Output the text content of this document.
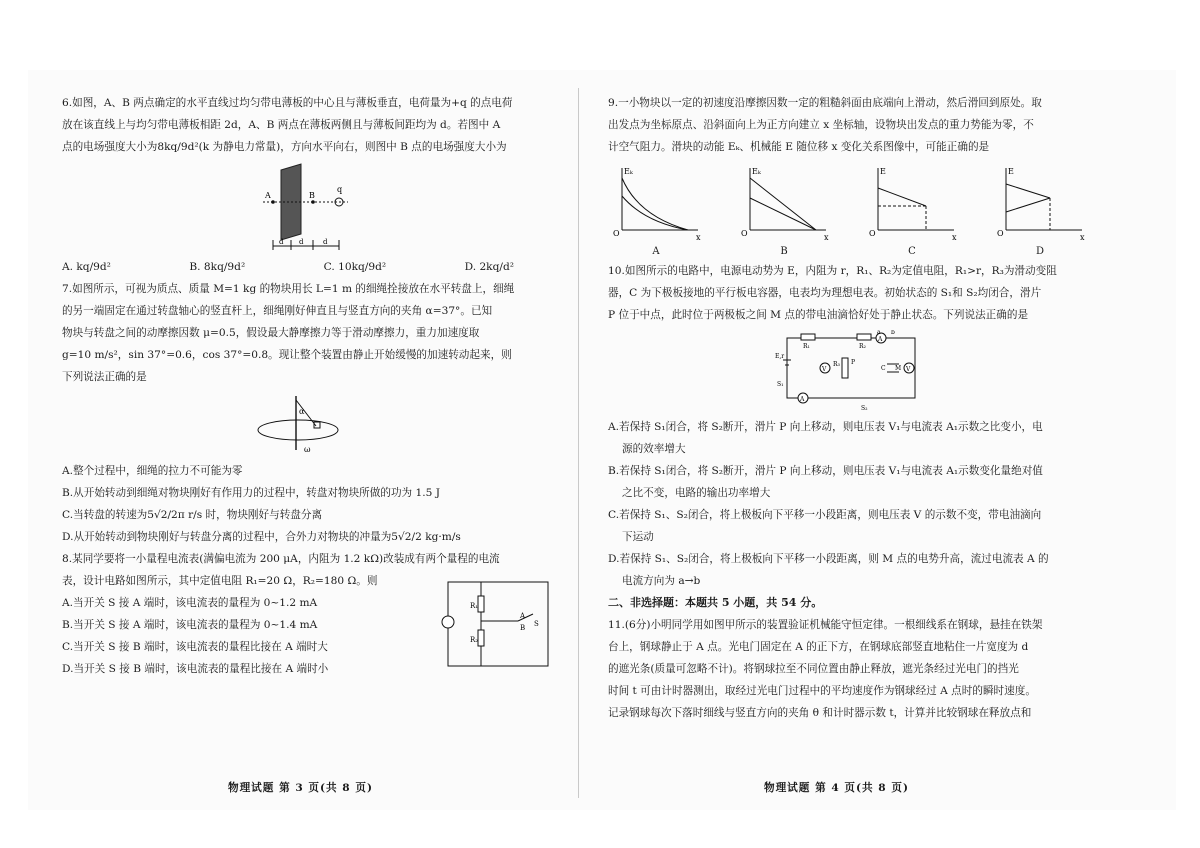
6.如图，A、B 两点确定的水平直线过均匀带电薄板的中心且与薄板垂直，电荷量为+q 的点电荷

放在该直线上与均匀带电薄板相距 2d，A、B 两点在薄板两侧且与薄板间距均为 d。若图中 A

点的电场强度大小为8kq/9d²(k 为静电力常量)，方向水平向右，则图中 B 点的电场强度大小为

A	B
q
d d	d
A. kq/9d²	B. 8kq/9d²	C. 10kq/9d²	D. 2kq/d²

7.如图所示，可视为质点、质量 M=1 kg 的物块用长 L=1 m 的细绳拴接放在水平转盘上，细绳

的另一端固定在通过转盘轴心的竖直杆上，细绳刚好伸直且与竖直方向的夹角 α=37°。已知

物块与转盘之间的动摩擦因数 μ=0.5，假设最大静摩擦力等于滑动摩擦力，重力加速度取

g=10 m/s²，sin 37°=0.6，cos 37°=0.8。现让整个装置由静止开始缓慢的加速转动起来，则

下列说法正确的是

α
ω

A.整个过程中，细绳的拉力不可能为零

B.从开始转动到细绳对物块刚好有作用力的过程中，转盘对物块所做的功为 1.5 J

C.当转盘的转速为5√2/2π r/s 时，物块刚好与转盘分离

D.从开始转动到物块刚好与转盘分离的过程中，合外力对物块的冲量为5√2/2 kg·m/s

8.某同学要将一小量程电流表(满偏电流为 200 μA，内阻为 1.2 kΩ)改装成有两个量程的电流

表，设计电路如图所示，其中定值电阻 R₁=20 Ω，R₂=180 Ω。则

A.当开关 S 接 A 端时，该电流表的量程为 0~1.2 mA

B.当开关 S 接 A 端时，该电流表的量程为 0~1.4 mA

C.当开关 S 接 B 端时，该电流表的量程比接在 A 端时大

D.当开关 S 接 B 端时，该电流表的量程比接在 A 端时小

R₁
R₂
A
B S

9.一小物块以一定的初速度沿摩擦因数一定的粗糙斜面由底端向上滑动，然后滑回到原处。取

出发点为坐标原点、沿斜面向上为正方向建立 x 坐标轴，设物块出发点的重力势能为零，不

计空气阻力。滑块的动能 Eₖ、机械能 E 随位移 x 变化关系图像中，可能正确的是

Eₖ
x
O
A
Eₖ
x
O
B
E
x
O
C
E
x
O
D

10.如图所示的电路中，电源电动势为 E，内阻为 r，R₁、R₂为定值电阻，R₁>r，R₃为滑动变阻

器，C 为下极板接地的平行板电容器，电表均为理想电表。初始状态的 S₁和 S₂均闭合，滑片

P 位于中点，此时位于两极板之间 M 点的带电油滴恰好处于静止状态。下列说法正确的是

V	V
A
A
E,r
R₁	R₂
R₃ P
C M
a b
S₁
S₂

A.若保持 S₁闭合，将 S₂断开，滑片 P 向上移动，则电压表 V₁与电流表 A₁示数之比变小，电

源的效率增大

B.若保持 S₁闭合，将 S₂断开，滑片 P 向上移动，则电压表 V₁与电流表 A₁示数变化量绝对值

之比不变，电路的输出功率增大

C.若保持 S₁、S₂闭合，将上极板向下平移一小段距离，则电压表 V 的示数不变，带电油滴向

下运动

D.若保持 S₁、S₂闭合，将上极板向下平移一小段距离，则 M 点的电势升高，流过电流表 A 的

电流方向为 a→b

二、非选择题：本题共 5 小题，共 54 分。

11.(6分)小明同学用如图甲所示的装置验证机械能守恒定律。一根细线系在钢球，悬挂在铁架

台上，钢球静止于 A 点。光电门固定在 A 的正下方，在钢球底部竖直地粘住一片宽度为 d

的遮光条(质量可忽略不计)。将钢球拉至不同位置由静止释放，遮光条经过光电门的挡光

时间 t 可由计时器测出，取经过光电门过程中的平均速度作为钢球经过 A 点时的瞬时速度。

记录钢球每次下落时细线与竖直方向的夹角 θ 和计时器示数 t，计算并比较钢球在释放点和

物理试题 第 3 页(共 8 页)	物理试题 第 4 页(共 8 页)
